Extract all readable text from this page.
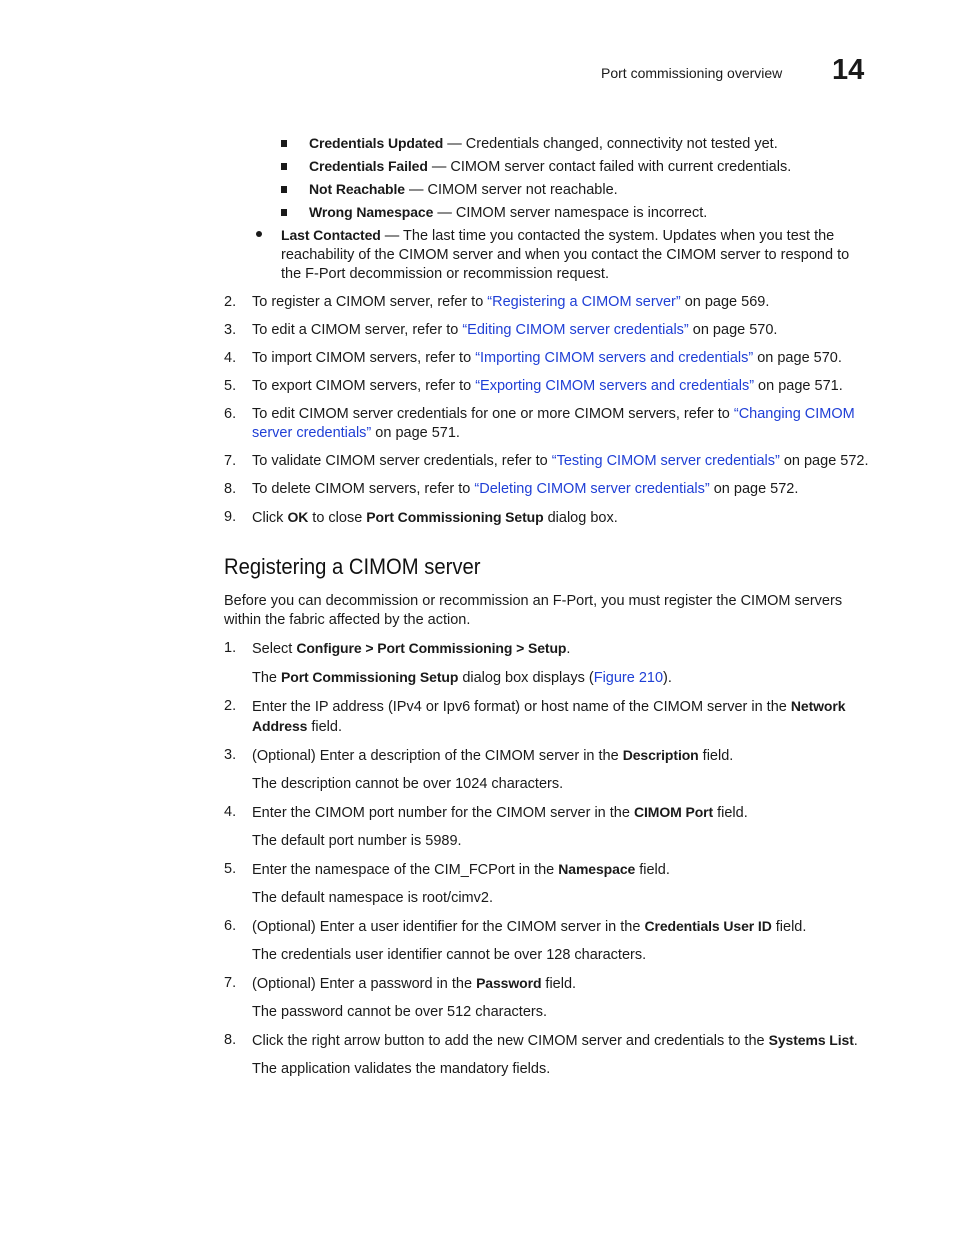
Port commissioning overview 14
Credentials Updated — Credentials changed, connectivity not tested yet.
Credentials Failed — CIMOM server contact failed with current credentials.
Not Reachable — CIMOM server not reachable.
Wrong Namespace — CIMOM server namespace is incorrect.
Last Contacted — The last time you contacted the system. Updates when you test the reachability of the CIMOM server and when you contact the CIMOM server to respond to the F-Port decommission or recommission request.
2. To register a CIMOM server, refer to “Registering a CIMOM server” on page 569.
3. To edit a CIMOM server, refer to “Editing CIMOM server credentials” on page 570.
4. To import CIMOM servers, refer to “Importing CIMOM servers and credentials” on page 570.
5. To export CIMOM servers, refer to “Exporting CIMOM servers and credentials” on page 571.
6. To edit CIMOM server credentials for one or more CIMOM servers, refer to “Changing CIMOM server credentials” on page 571.
7. To validate CIMOM server credentials, refer to “Testing CIMOM server credentials” on page 572.
8. To delete CIMOM servers, refer to “Deleting CIMOM server credentials” on page 572.
9. Click OK to close Port Commissioning Setup dialog box.
Registering a CIMOM server
Before you can decommission or recommission an F-Port, you must register the CIMOM servers within the fabric affected by the action.
1. Select Configure > Port Commissioning > Setup.
The Port Commissioning Setup dialog box displays (Figure 210).
2. Enter the IP address (IPv4 or Ipv6 format) or host name of the CIMOM server in the Network Address field.
3. (Optional) Enter a description of the CIMOM server in the Description field.
The description cannot be over 1024 characters.
4. Enter the CIMOM port number for the CIMOM server in the CIMOM Port field.
The default port number is 5989.
5. Enter the namespace of the CIM_FCPort in the Namespace field.
The default namespace is root/cimv2.
6. (Optional) Enter a user identifier for the CIMOM server in the Credentials User ID field.
The credentials user identifier cannot be over 128 characters.
7. (Optional) Enter a password in the Password field.
The password cannot be over 512 characters.
8. Click the right arrow button to add the new CIMOM server and credentials to the Systems List.
The application validates the mandatory fields.
